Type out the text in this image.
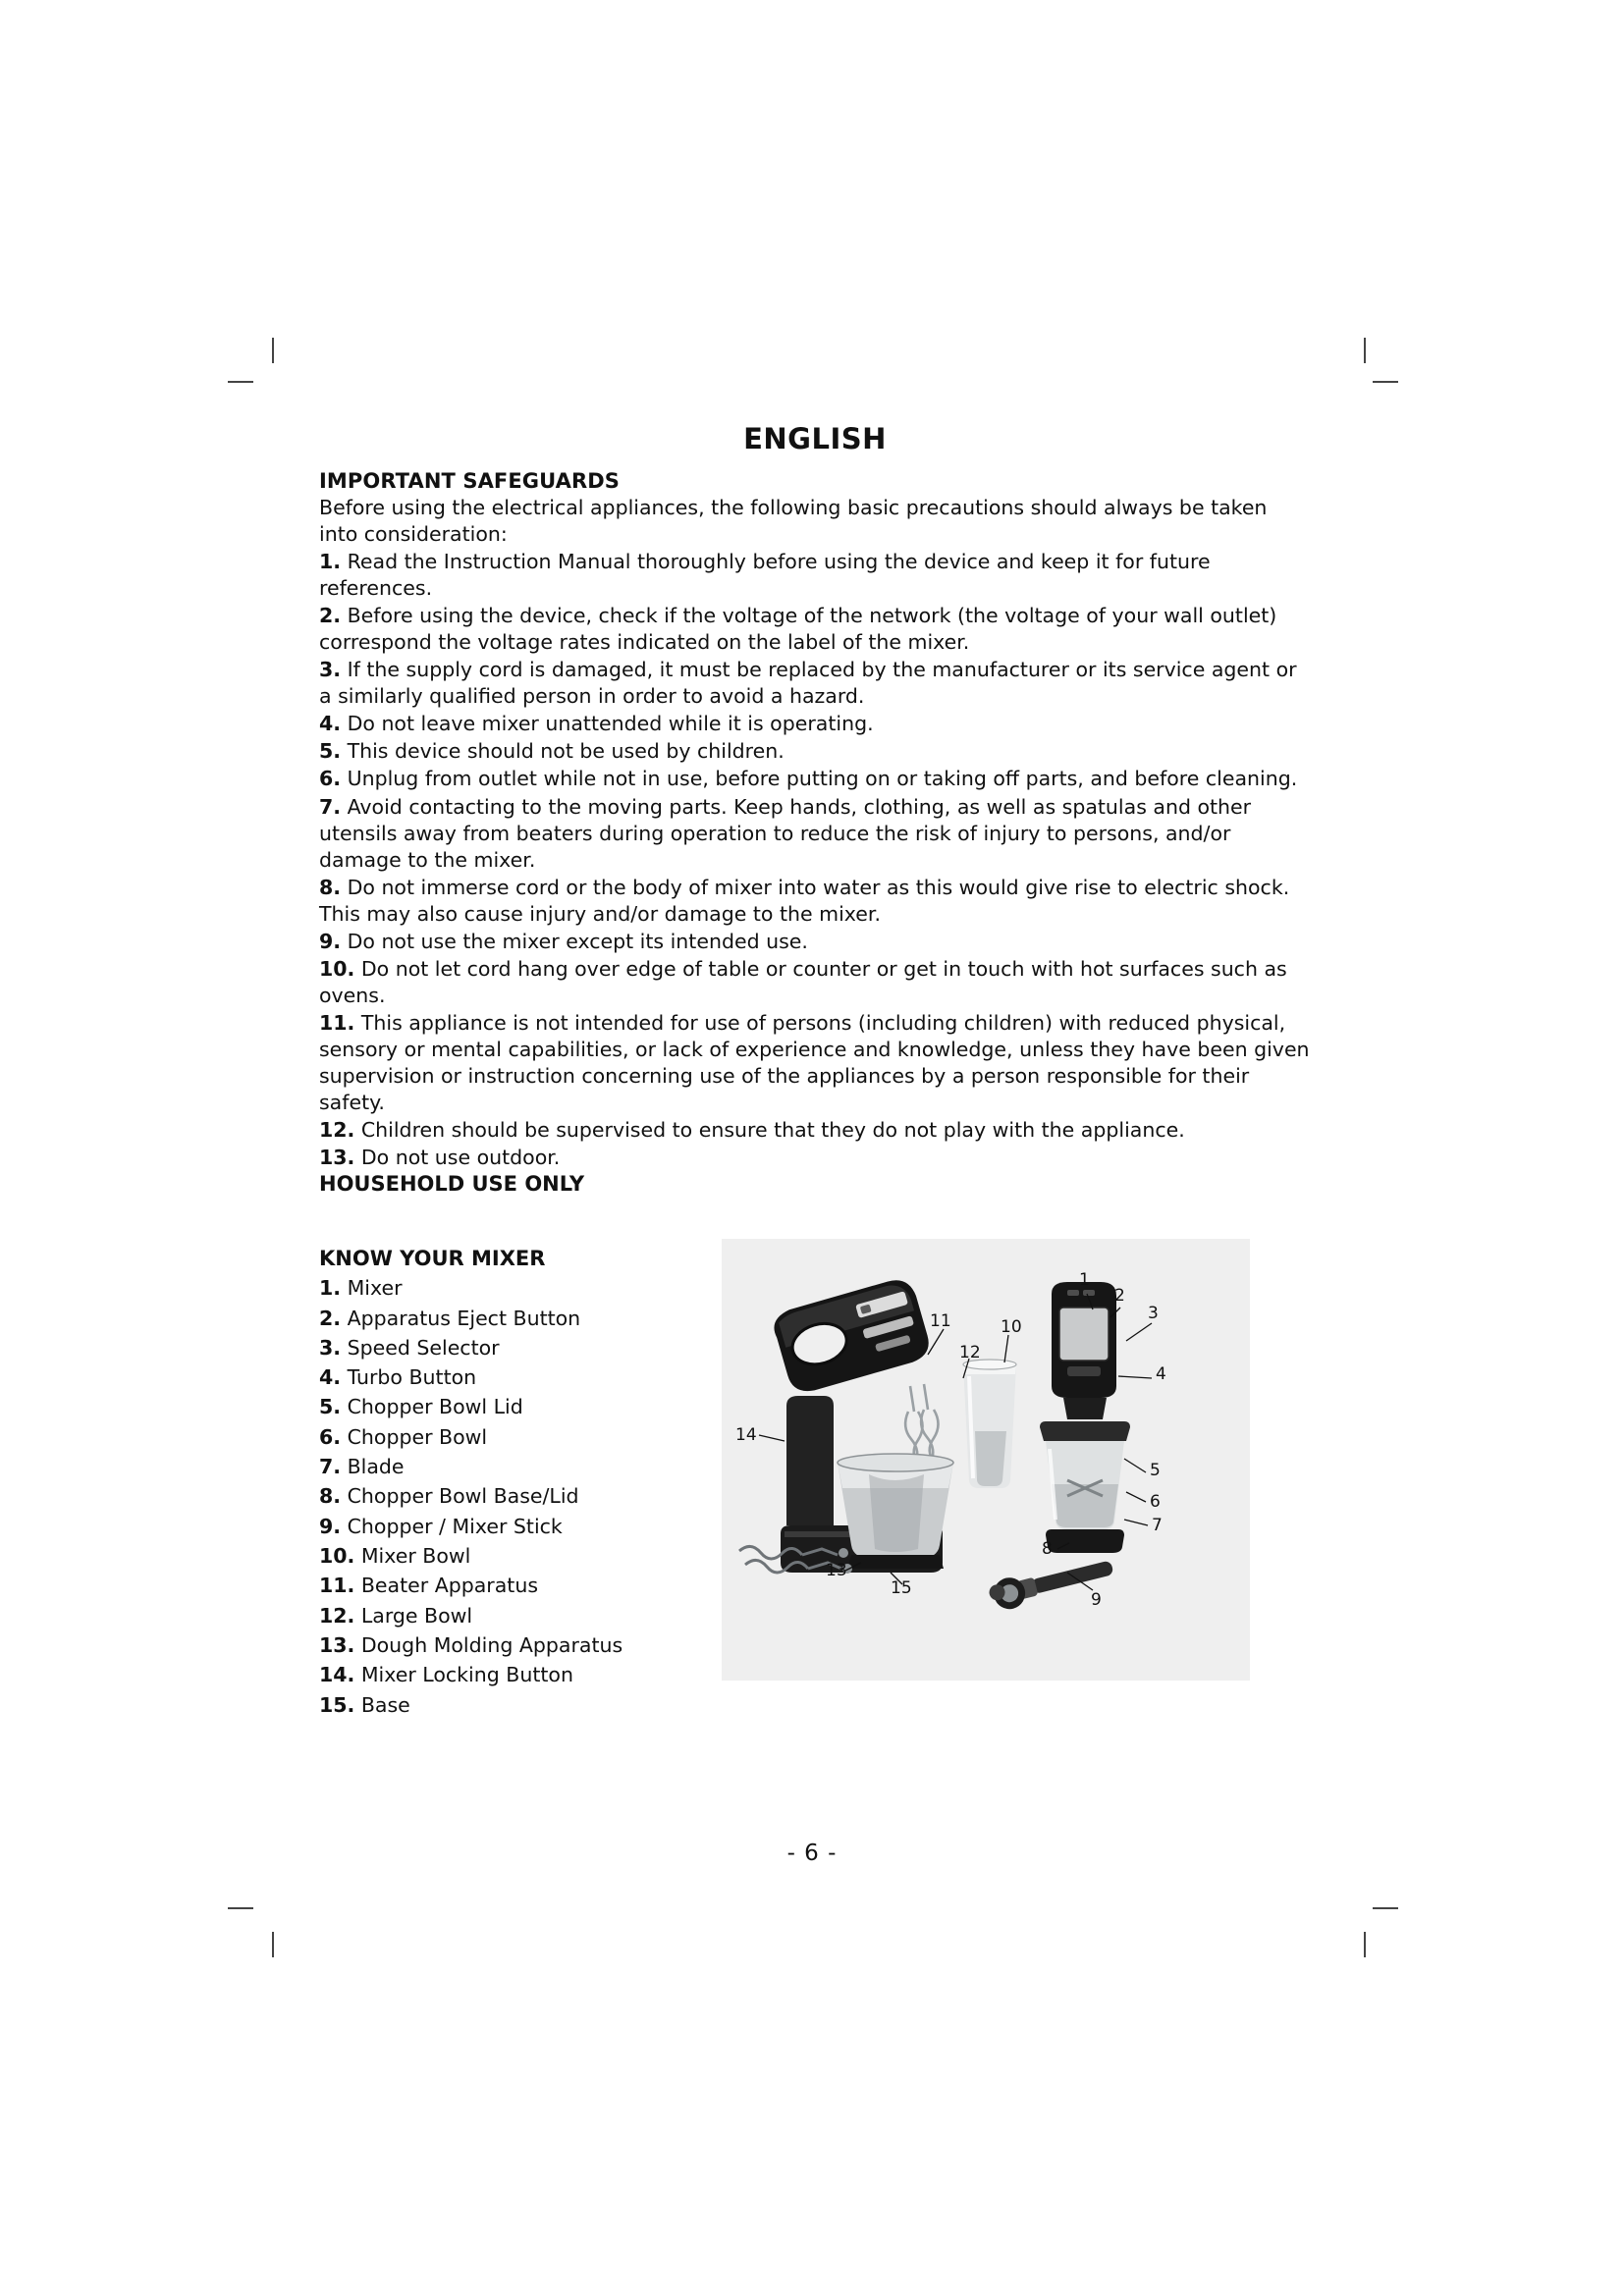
ENGLISH
IMPORTANT SAFEGUARDS

Before using the electrical appliances, the following basic precautions should always be taken into consideration:

1. Read the Instruction Manual thoroughly before using the device and keep it for future references.

2. Before using the device, check if the voltage of the network (the voltage of your wall outlet) correspond the voltage rates indicated on the label of the mixer.

3. If the supply cord is damaged, it must be replaced by the manufacturer or its service agent or a similarly qualified person in order to avoid a hazard.

4. Do not leave mixer unattended while it is operating.

5. This device should not be used by children.

6. Unplug from outlet while not in use, before putting on or taking off parts, and before cleaning.

7. Avoid contacting to the moving parts. Keep hands, clothing, as well as spatulas and other utensils away from beaters during operation to reduce the risk of injury to persons, and/or damage to the mixer.

8. Do not immerse cord or the body of mixer into water as this would give rise to electric shock. This may also cause injury and/or damage to the mixer.

9. Do not use the mixer except its intended use.

10. Do not let cord hang over edge of table or counter or get in touch with hot surfaces such as ovens.

11. This appliance is not intended for use of persons (including children) with reduced physical, sensory or mental capabilities, or lack of experience and knowledge, unless they have been given supervision or instruction concerning use of the appliances by a person responsible for their safety.

12. Children should be supervised to ensure that they do not play with the appliance.

13. Do not use outdoor.

HOUSEHOLD USE ONLY
KNOW YOUR MIXER
1. Mixer
2. Apparatus Eject Button
3. Speed Selector
4. Turbo Button
5. Chopper Bowl Lid
6. Chopper Bowl
7. Blade
8. Chopper Bowl Base/Lid
9. Chopper / Mixer Stick
10. Mixer Bowl
11. Beater Apparatus
12. Large Bowl
13. Dough Molding Apparatus
14. Mixer Locking Button
15. Base
1
2
3
4
5
6
7
8
9
10
11
12
13
14
15
- 6 -
